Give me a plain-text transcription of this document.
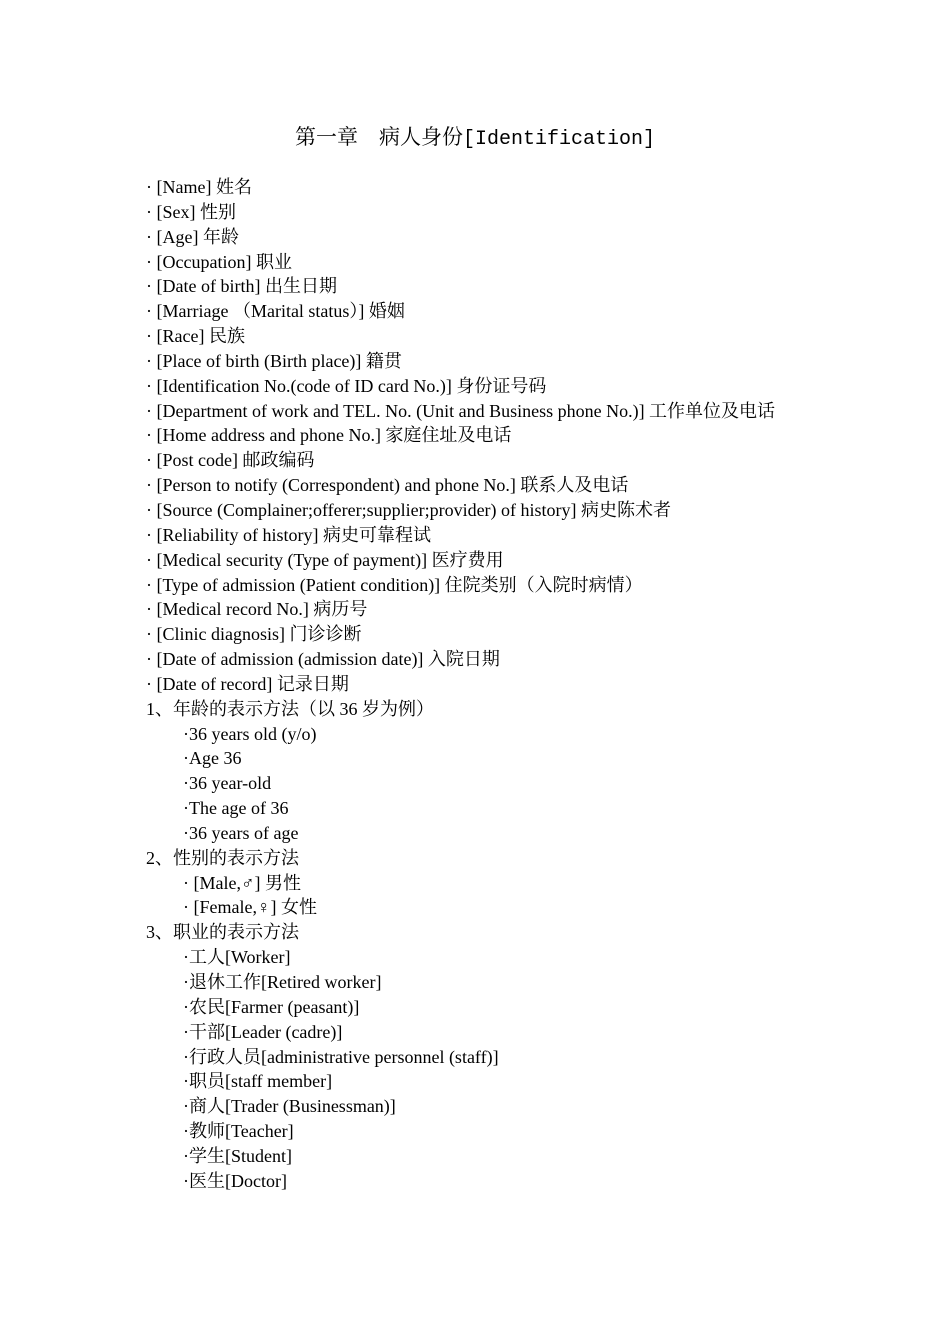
第一章　病人身份[Identification]
· [Name] 姓名
· [Sex] 性别
· [Age] 年龄
· [Occupation] 职业
· [Date of birth] 出生日期
· [Marriage （Marital status）] 婚姻
· [Race] 民族
· [Place of birth (Birth place)] 籍贯
· [Identification No.(code of ID card No.)] 身份证号码
· [Department of work and TEL. No. (Unit and Business phone No.)] 工作单位及电话
· [Home address and phone No.] 家庭住址及电话
· [Post code] 邮政编码
· [Person to notify (Correspondent) and phone No.] 联系人及电话
· [Source (Complainer;offerer;supplier;provider) of history] 病史陈术者
· [Reliability of history] 病史可靠程试
· [Medical security (Type of payment)] 医疗费用
· [Type of admission (Patient condition)] 住院类别（入院时病情）
· [Medical record No.] 病历号
· [Clinic diagnosis] 门诊诊断
· [Date of admission (admission date)] 入院日期
· [Date of record] 记录日期
1、年龄的表示方法（以 36 岁为例）
·36 years old (y/o)
·Age 36
·36 year-old
·The age of 36
·36 years of age
2、性别的表示方法
· [Male,♂] 男性
· [Female,♀] 女性
3、职业的表示方法
·工人[Worker]
·退休工作[Retired worker]
·农民[Farmer (peasant)]
·干部[Leader (cadre)]
·行政人员[administrative personnel (staff)]
·职员[staff member]
·商人[Trader (Businessman)]
·教师[Teacher]
·学生[Student]
·医生[Doctor]
